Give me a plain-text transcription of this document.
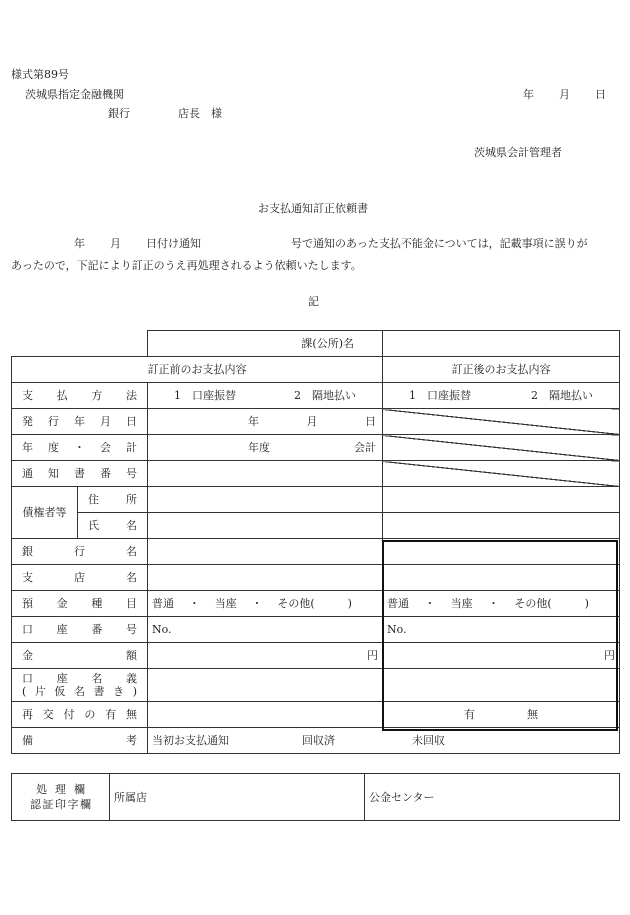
様式第89号
茨城県指定金融機関
銀行	店長　様
年 月 日
茨城県会計管理者
お支払通知訂正依頼書
年 月 日付け通知	号で通知のあった支払不能金については，記載事項に誤りが
あったので，下記により訂正のうえ再処理されるよう依頼いたします。
記
		課(公所)名	
訂正前のお支払内容			訂正後のお支払内容
支払方法		1　口座振替 2　隔地払い	1　口座振替 2　隔地払い

発行年月日		年 月 日	

年度・会計		年度 会計	

通知書番号			
債権者等	住所		
	氏名		
銀行名			
支店名			
預金種目		普通 ・ 当座 ・ その他(　　　)	普通 ・ 当座 ・ その他(　　　)

口座番号		No.	No.
金額		円	円

口座名義
(片仮名書き)			

再交付の有無			有 無

備考		当初お支払通知 回収済 未回収	
処理欄
認証印字欄
	所属店	公金センター
